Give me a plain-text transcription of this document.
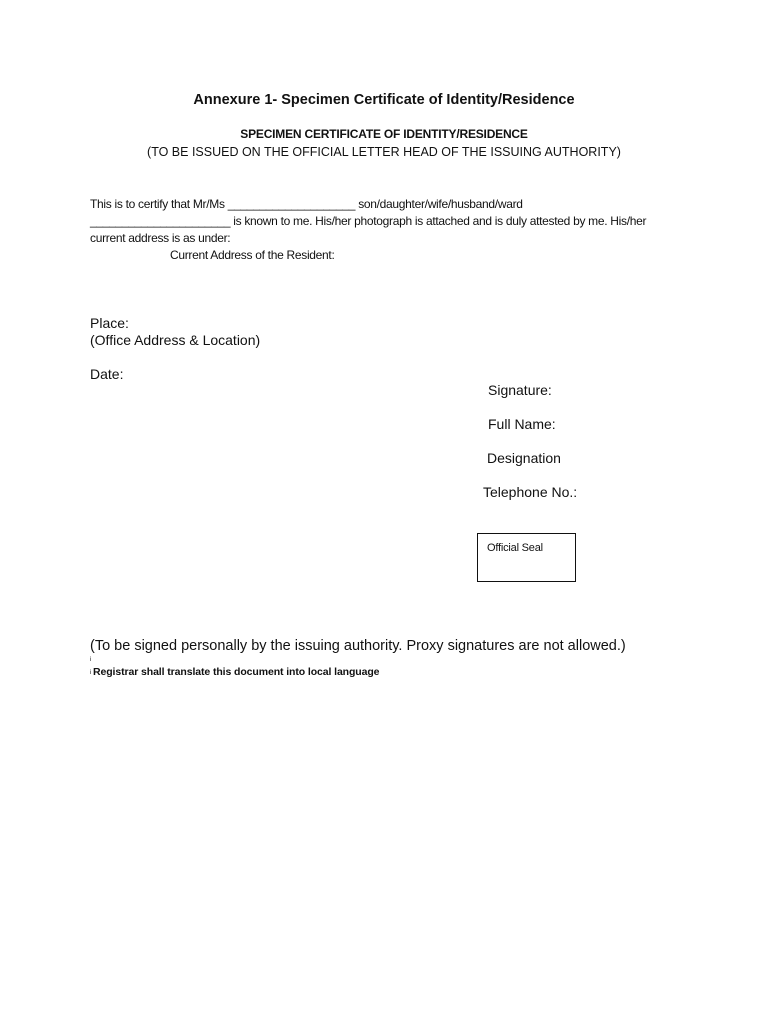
Annexure 1- Specimen Certificate of Identity/Residence
SPECIMEN CERTIFICATE OF IDENTITY/RESIDENCE
(TO BE ISSUED ON THE OFFICIAL LETTER HEAD OF THE ISSUING AUTHORITY)
This is to certify that Mr/Ms ____________________ son/daughter/wife/husband/ward
______________________ is known to me. His/her photograph is attached and is duly attested by me. His/her
current address is as under:
Current Address of the Resident:
Place:
(Office Address & Location)
Date:
Signature:
Full Name:
Designation
Telephone No.:
Official Seal
(To be signed personally by the issuing authority. Proxy signatures are not allowed.)
i
i Registrar shall translate this document into local language
